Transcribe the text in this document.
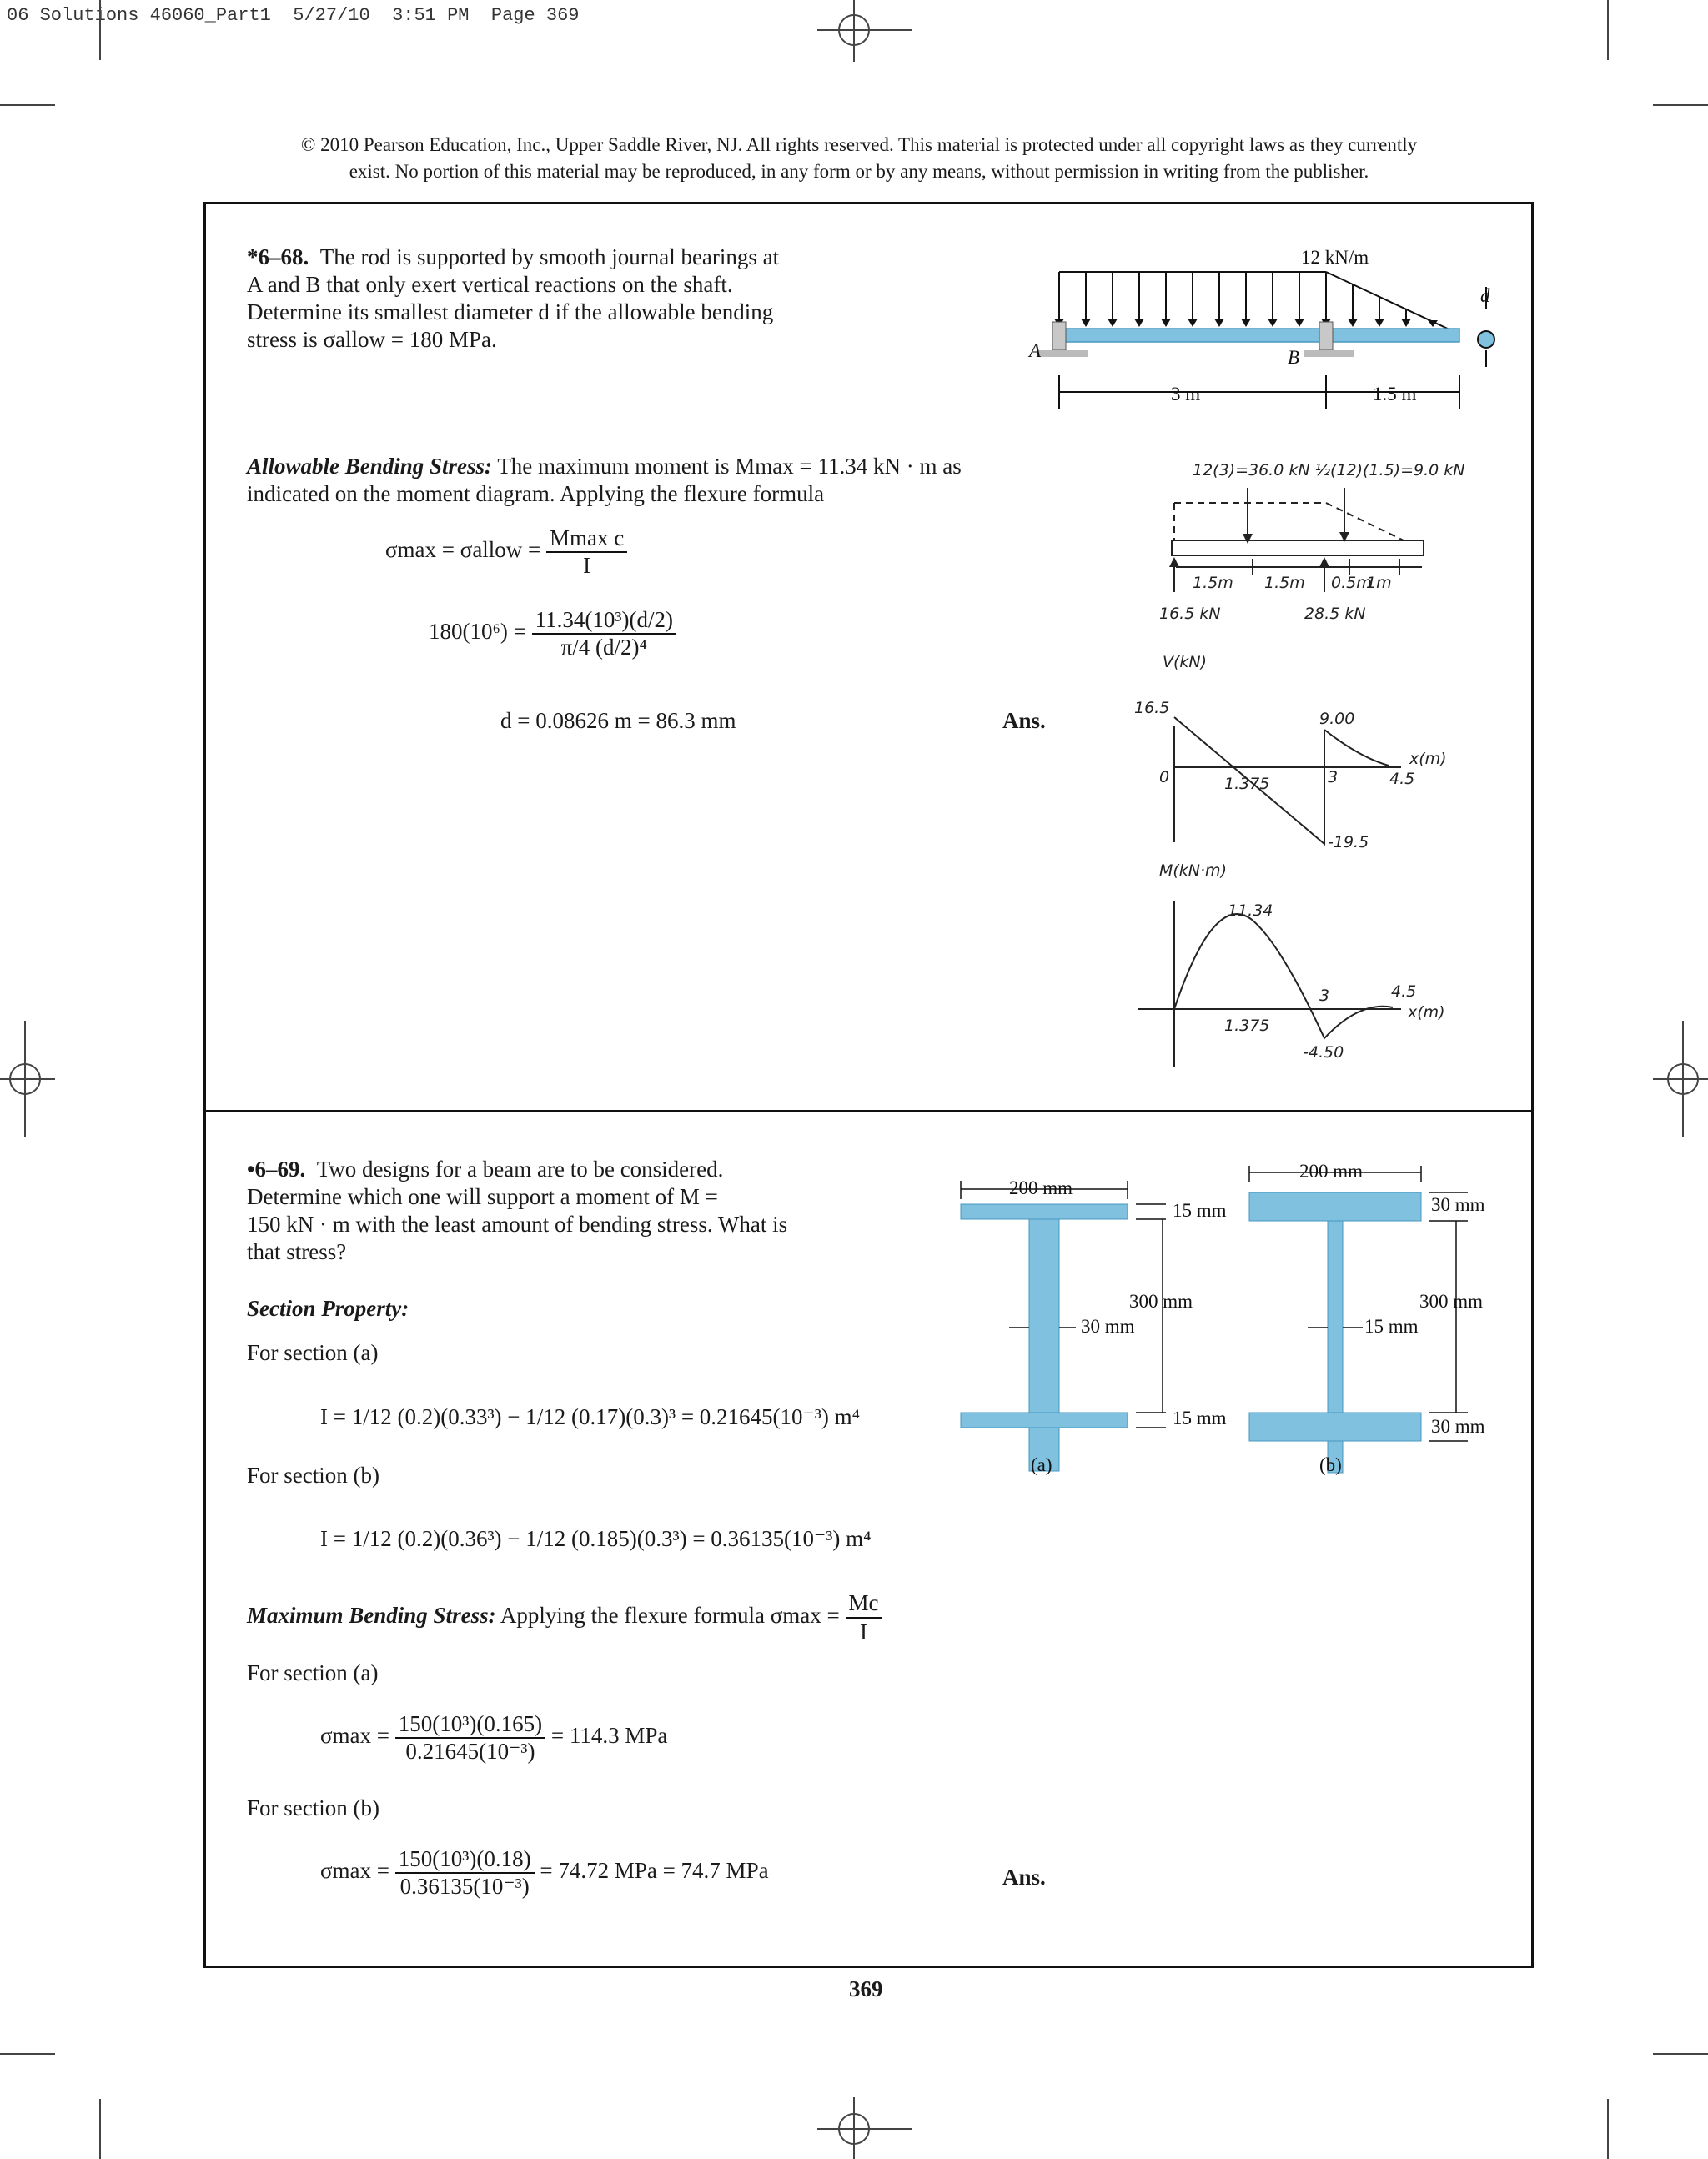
06 Solutions 46060_Part1  5/27/10  3:51 PM  Page 369
© 2010 Pearson Education, Inc., Upper Saddle River, NJ. All rights reserved. This material is protected under all copyright laws as they currently
exist. No portion of this material may be reproduced, in any form or by any means, without permission in writing from the publisher.
*6–68. The rod is supported by smooth journal bearings at
A and B that only exert vertical reactions on the shaft.
Determine its smallest diameter d if the allowable bending
stress is σallow = 180 MPa.
12 kN/m
d
A	B
3 m	1.5 m
Allowable Bending Stress: The maximum moment is Mmax = 11.34 kN · m as
indicated on the moment diagram. Applying the flexure formula
σmax = σallow = $\frac{\text{Mmax c}}{I}$
$180(10^6) = \frac{\text{11.34(10³)(d/2)}}{\text{π/4 (d/2)⁴}}$
d = 0.08626 m = 86.3 mm	Ans.
12(3)=36.0 kN ½(12)(1.5)=9.0 kN
1.5m 1.5m 0.5m
1m
16.5 kN	28.5 kN
V(kN)
16.5
9.00
x(m)
0	1.375	3	4.5
-19.5
M(kN·m)
11.34
3	4.5
x(m)
1.375
-4.50
•6–69. Two designs for a beam are to be considered.
Determine which one will support a moment of M =
150 kN · m with the least amount of bending stress. What is
that stress?
200 mm
15 mm
300 mm
30 mm
15 mm
(a)
200 mm
30 mm
300 mm
15 mm
30 mm
(b)
Section Property:
For section (a)
I = 1/12 (0.2)(0.33³) − 1/12 (0.17)(0.3)³ = 0.21645(10⁻³) m⁴
For section (b)
I = 1/12 (0.2)(0.36³) − 1/12 (0.185)(0.3³) = 0.36135(10⁻³) m⁴
Maximum Bending Stress: Applying the flexure formula $\sigma\max = \frac{Mc}{I}$
For section (a)
$\sigma\max = \frac{\text{150(10³)(0.165)}}{\text{0.21645(10⁻³)}} = 114.3$ MPa
For section (b)
$\sigma\max = \frac{\text{150(10³)(0.18)}}{\text{0.36135(10⁻³)}} = 74.72$ MPa = 74.7 MPa	Ans.
369
